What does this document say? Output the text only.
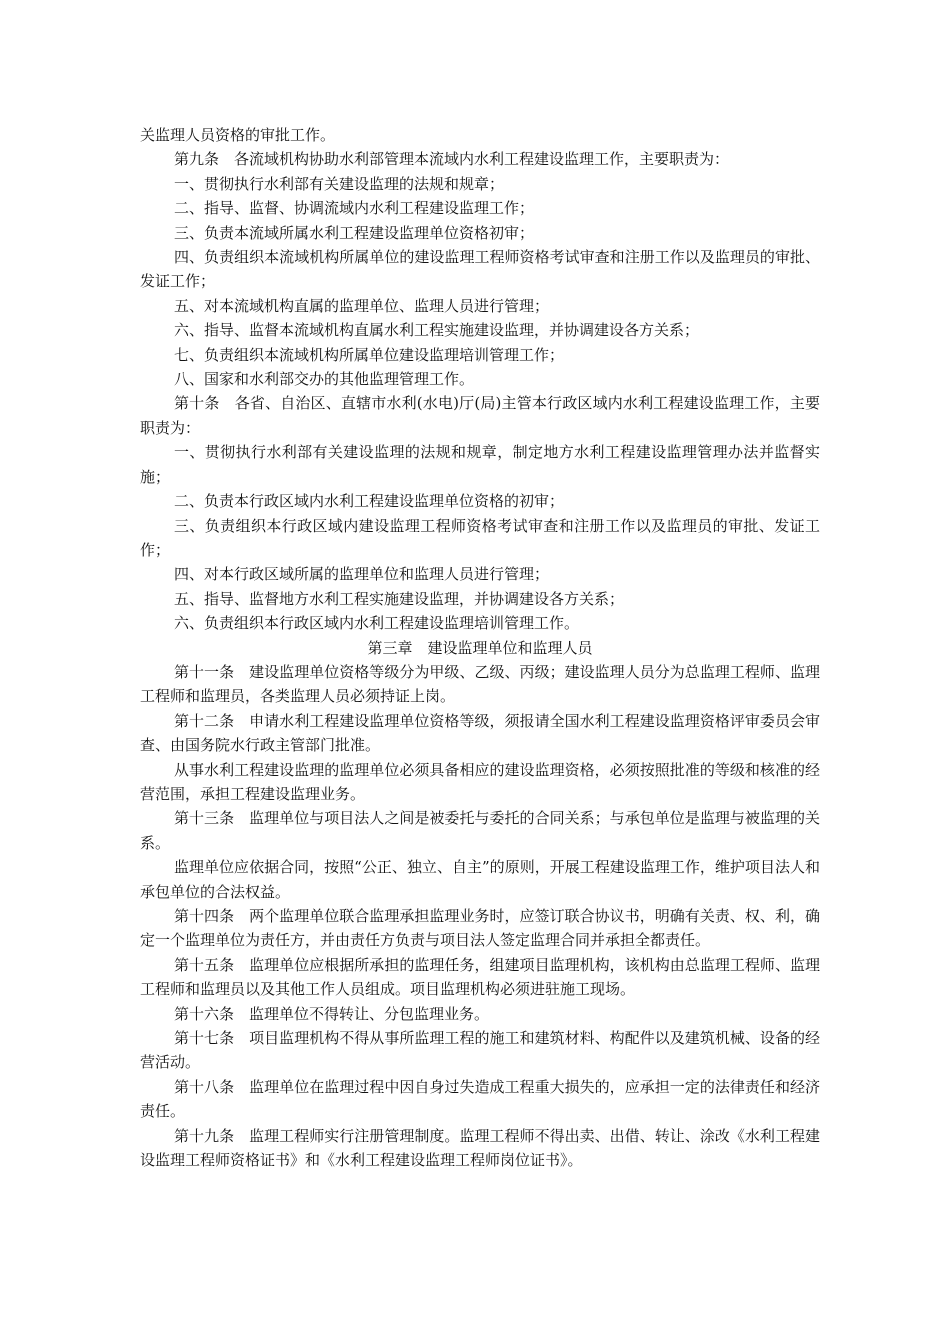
关监理人员资格的审批工作。

第九条　各流域机构协助水利部管理本流域内水利工程建设监理工作，主要职责为：

一、贯彻执行水利部有关建设监理的法规和规章；

二、指导、监督、协调流域内水利工程建设监理工作；

三、负责本流域所属水利工程建设监理单位资格初审；

四、负责组织本流域机构所属单位的建设监理工程师资格考试审查和注册工作以及监理员的审批、发证工作；

五、对本流域机构直属的监理单位、监理人员进行管理；

六、指导、监督本流域机构直属水利工程实施建设监理，并协调建设各方关系；

七、负责组织本流域机构所属单位建设监理培训管理工作；

八、国家和水利部交办的其他监理管理工作。

第十条　各省、自治区、直辖市水利(水电)厅(局)主管本行政区域内水利工程建设监理工作，主要职责为：

一、贯彻执行水利部有关建设监理的法规和规章，制定地方水利工程建设监理管理办法并监督实施；

二、负责本行政区域内水利工程建设监理单位资格的初审；

三、负责组织本行政区域内建设监理工程师资格考试审查和注册工作以及监理员的审批、发证工作；

四、对本行政区域所属的监理单位和监理人员进行管理；

五、指导、监督地方水利工程实施建设监理，并协调建设各方关系；

六、负责组织本行政区域内水利工程建设监理培训管理工作。

第三章　建设监理单位和监理人员

第十一条　建设监理单位资格等级分为甲级、乙级、丙级；建设监理人员分为总监理工程师、监理工程师和监理员，各类监理人员必须持证上岗。

第十二条　申请水利工程建设监理单位资格等级，须报请全国水利工程建设监理资格评审委员会审查、由国务院水行政主管部门批准。

从事水利工程建设监理的监理单位必须具备相应的建设监理资格，必须按照批准的等级和核准的经营范围，承担工程建设监理业务。

第十三条　监理单位与项目法人之间是被委托与委托的合同关系；与承包单位是监理与被监理的关系。

监理单位应依据合同，按照“公正、独立、自主”的原则，开展工程建设监理工作，维护项目法人和承包单位的合法权益。

第十四条　两个监理单位联合监理承担监理业务时，应签订联合协议书，明确有关责、权、利，确定一个监理单位为责任方，并由责任方负责与项目法人签定监理合同并承担全都责任。

第十五条　监理单位应根据所承担的监理任务，组建项目监理机构，该机构由总监理工程师、监理工程师和监理员以及其他工作人员组成。项目监理机构必须进驻施工现场。

第十六条　监理单位不得转让、分包监理业务。

第十七条　项目监理机构不得从事所监理工程的施工和建筑材料、构配件以及建筑机械、设备的经营活动。

第十八条　监理单位在监理过程中因自身过失造成工程重大损失的，应承担一定的法律责任和经济责任。

第十九条　监理工程师实行注册管理制度。监理工程师不得出卖、出借、转让、涂改《水利工程建设监理工程师资格证书》和《水利工程建设监理工程师岗位证书》。
